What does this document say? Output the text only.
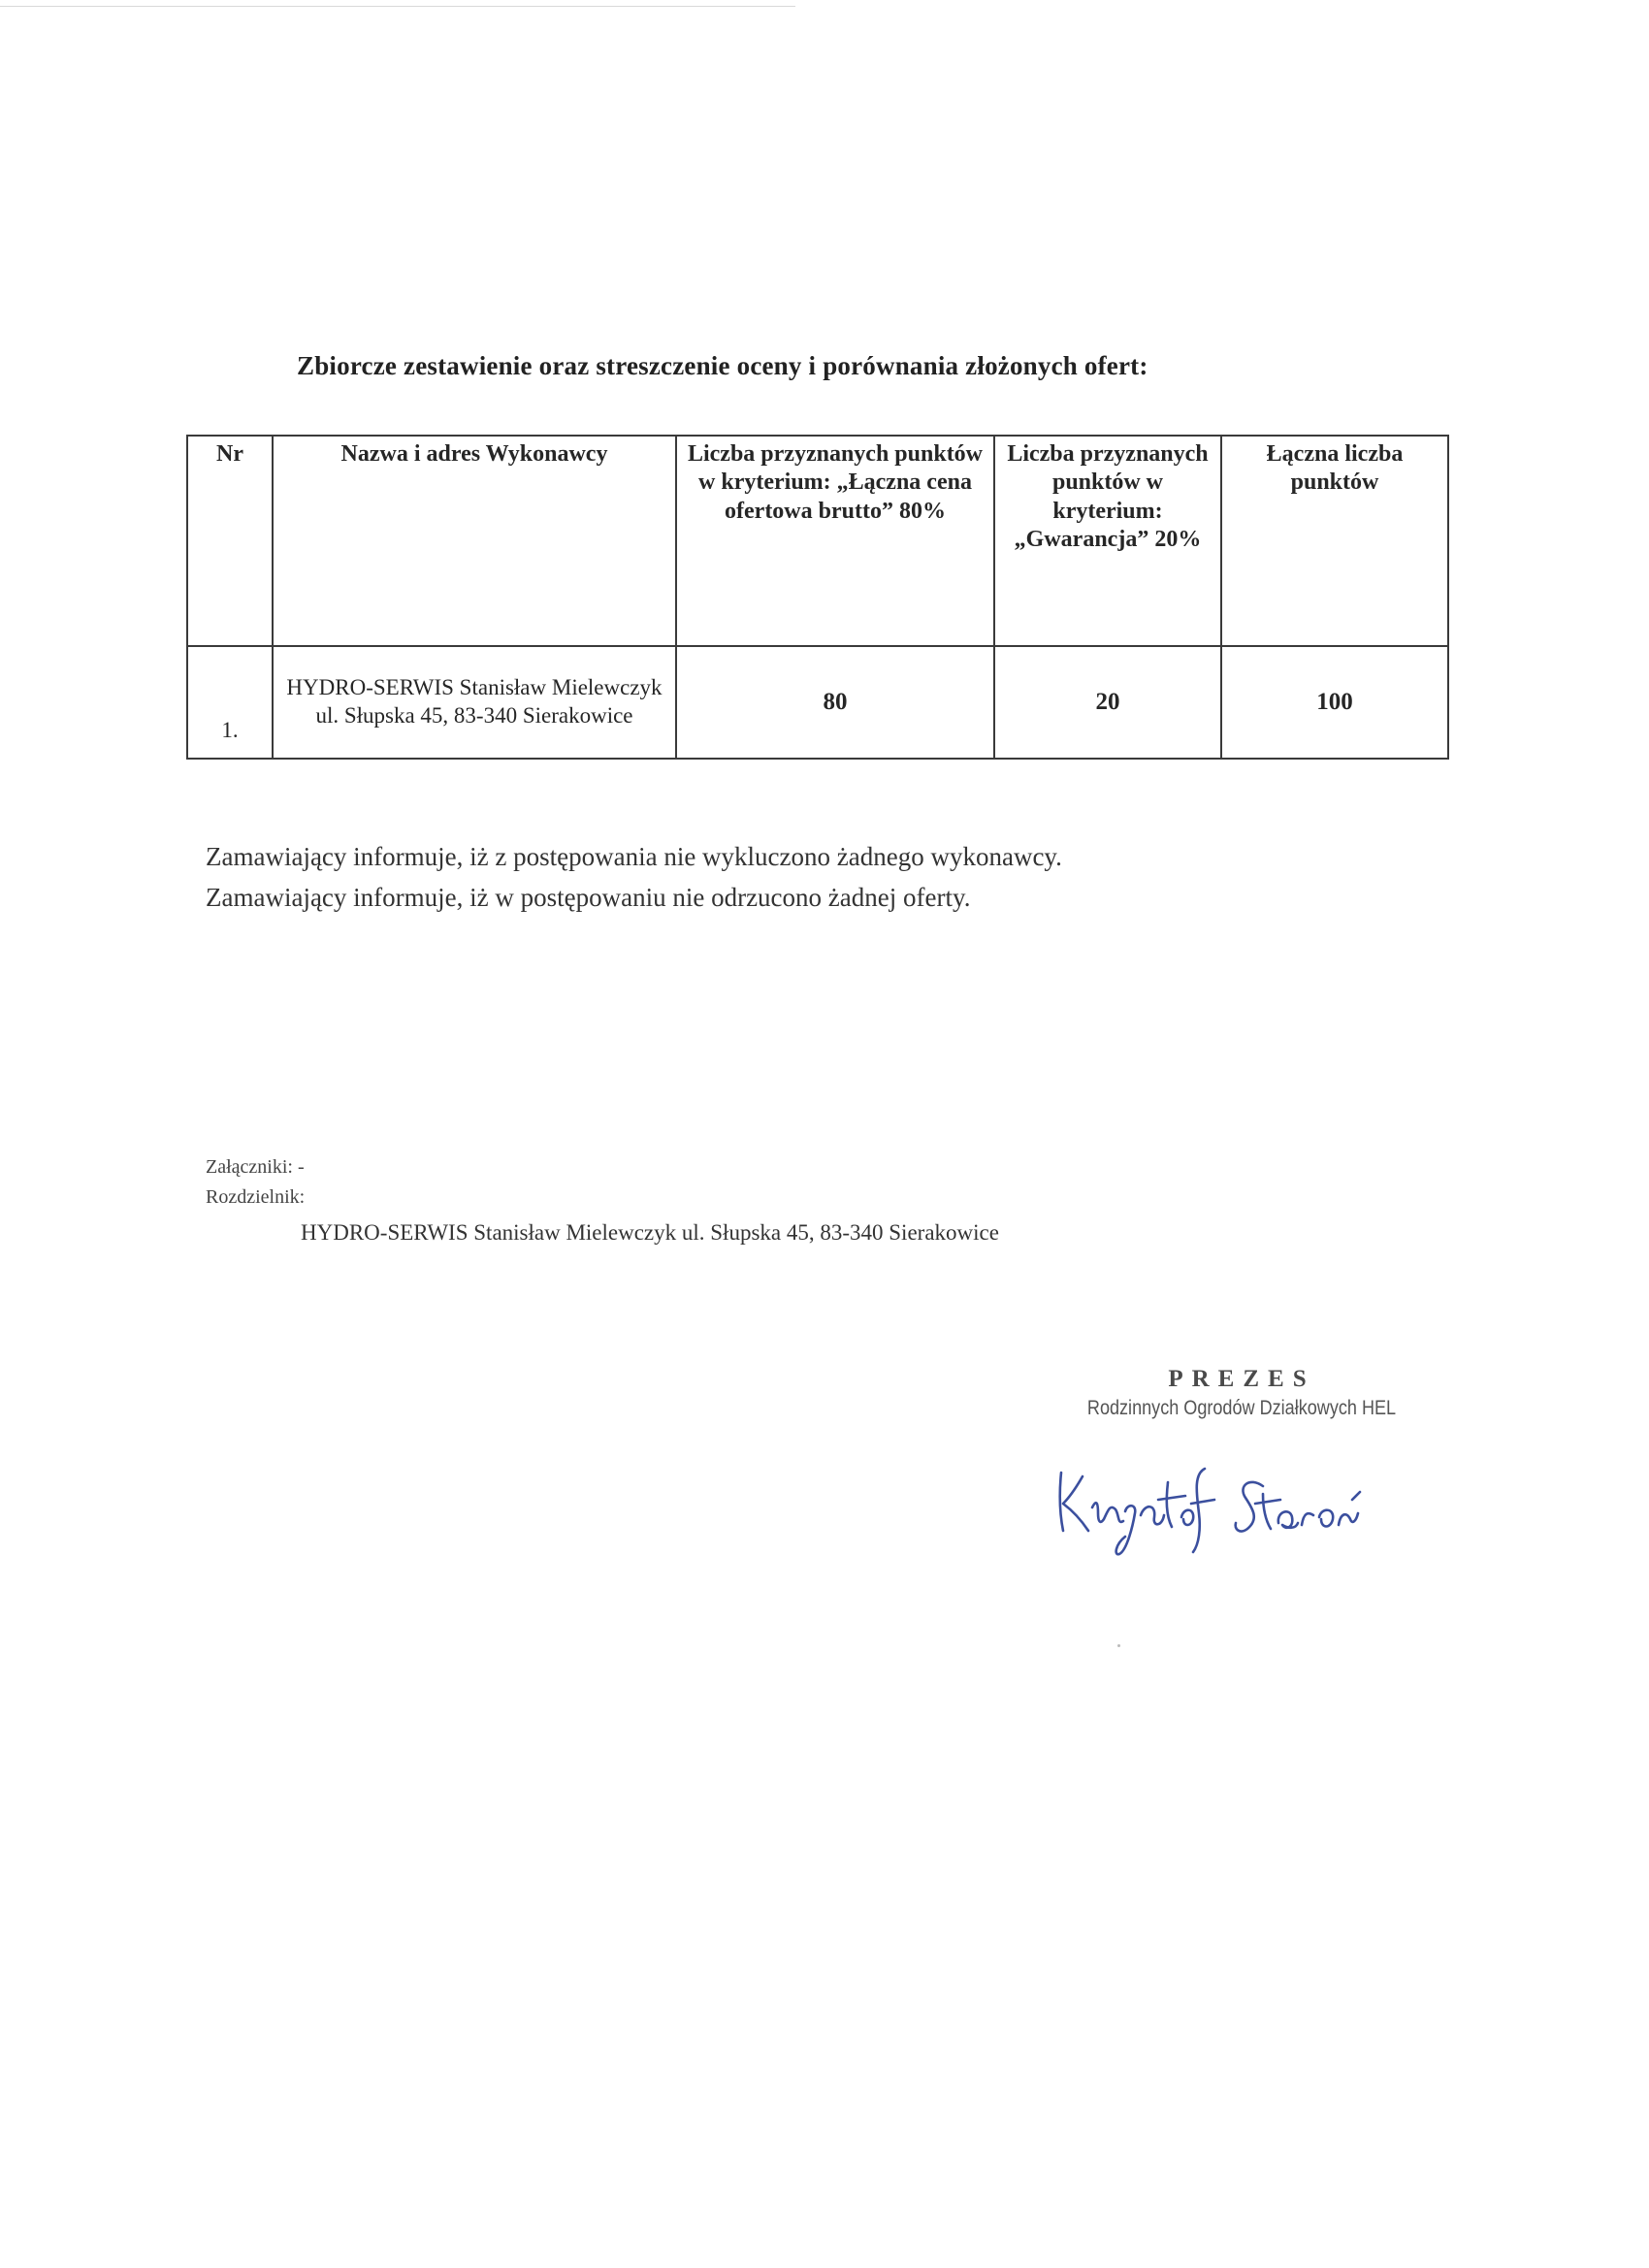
Zbiorcze zestawienie oraz streszczenie oceny i porównania złożonych ofert:
Nr	Nazwa i adres Wykonawcy	Liczba przyznanych punktów w kryterium: „Łączna cena ofertowa brutto” 80%	Liczba przyznanych punktów w kryterium: „Gwarancja” 20%	Łączna liczba punktów
1.	HYDRO-SERWIS Stanisław Mielewczyk ul. Słupska 45, 83-340 Sierakowice	80	20	100
Zamawiający informuje, iż z postępowania nie wykluczono żadnego wykonawcy.
Zamawiający informuje, iż w postępowaniu nie odrzucono żadnej oferty.
Załączniki: -
Rozdzielnik:
HYDRO-SERWIS Stanisław Mielewczyk ul. Słupska 45, 83-340 Sierakowice
PREZES
Rodzinnych Ogrodów Działkowych HEL
